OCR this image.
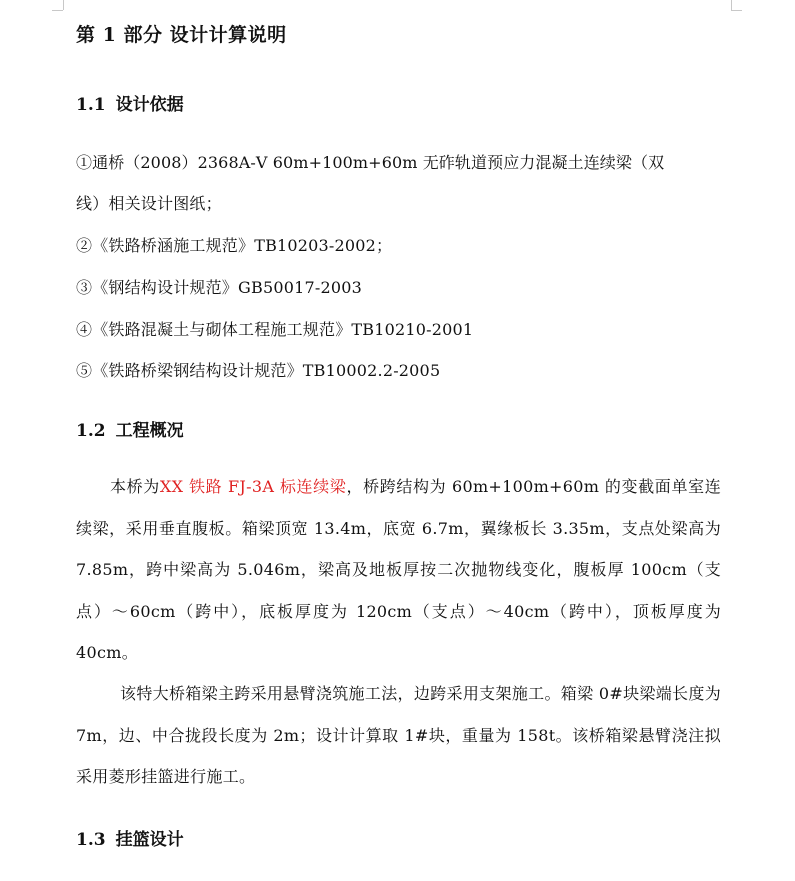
第 1 部分 设计计算说明
1.1 设计依据
①通桥（2008）2368A-Ⅴ 60m+100m+60m 无砟轨道预应力混凝土连续梁（双
线）相关设计图纸；
②《铁路桥涵施工规范》TB10203-2002；
③《钢结构设计规范》GB50017-2003
④《铁路混凝土与砌体工程施工规范》TB10210-2001
⑤《铁路桥梁钢结构设计规范》TB10002.2-2005
1.2 工程概况
本桥为XX 铁路 FJ-3A 标连续梁，桥跨结构为 60m+100m+60m 的变截面单室连续梁，采用垂直腹板。箱梁顶宽 13.4m，底宽 6.7m，翼缘板长 3.35m，支点处梁高为 7.85m，跨中梁高为 5.046m，梁高及地板厚按二次抛物线变化，腹板厚 100cm（支点）～60cm（跨中），底板厚度为 120cm（支点）～40cm（跨中），顶板厚度为 40cm。
该特大桥箱梁主跨采用悬臂浇筑施工法，边跨采用支架施工。箱梁 0#块梁端长度为 7m，边、中合拢段长度为 2m；设计计算取 1#块，重量为 158t。该桥箱梁悬臂浇注拟采用菱形挂篮进行施工。
1.3 挂篮设计
